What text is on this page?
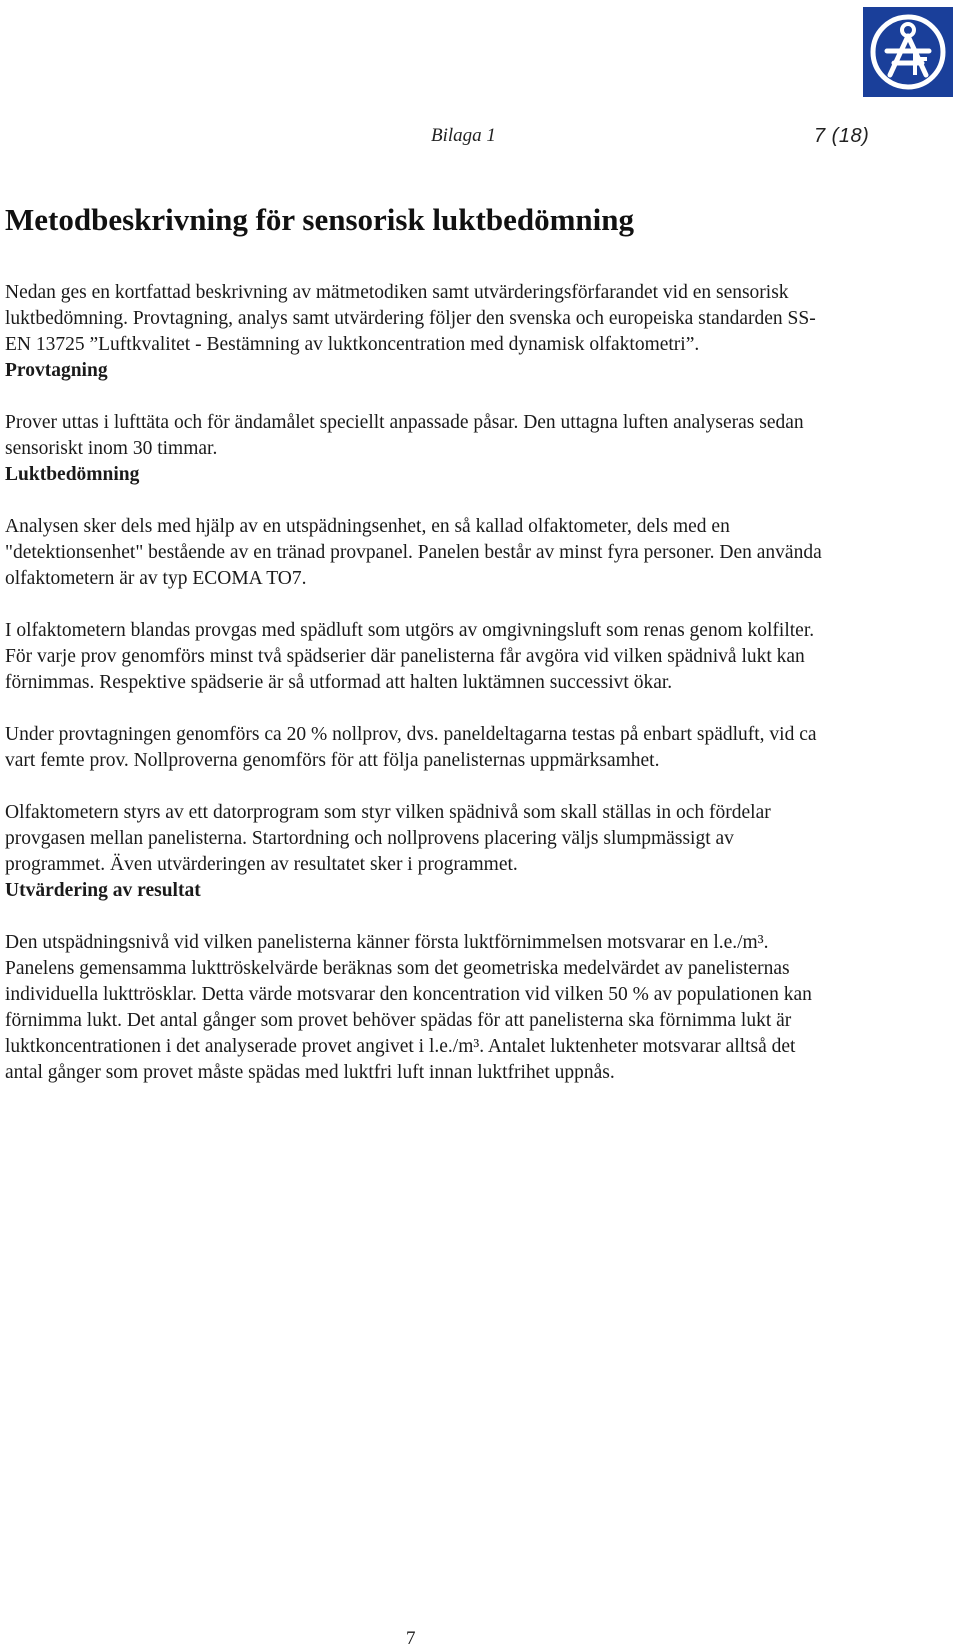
Bilaga 1	7 (18)
Metodbeskrivning för sensorisk luktbedömning

Nedan ges en kortfattad beskrivning av mätmetodiken samt utvärderingsförfarandet vid en sensorisk luktbedömning. Provtagning, analys samt utvärdering följer den svenska och europeiska standarden SS-EN 13725 ”Luftkvalitet - Bestämning av luktkoncentration med dynamisk olfaktometri”.

Provtagning

Prover uttas i lufttäta och för ändamålet speciellt anpassade påsar. Den uttagna luften analyseras sedan sensoriskt inom 30 timmar.

Luktbedömning

Analysen sker dels med hjälp av en utspädningsenhet, en så kallad olfaktometer, dels med en "detektionsenhet" bestående av en tränad provpanel. Panelen består av minst fyra personer. Den använda olfaktometern är av typ ECOMA TO7.

I olfaktometern blandas provgas med spädluft som utgörs av omgivningsluft som renas genom kolfilter. För varje prov genomförs minst två spädserier där panelisterna får avgöra vid vilken spädnivå lukt kan förnimmas. Respektive spädserie är så utformad att halten luktämnen successivt ökar.

Under provtagningen genomförs ca 20 % nollprov, dvs. paneldeltagarna testas på enbart spädluft, vid ca vart femte prov. Nollproverna genomförs för att följa panelisternas uppmärksamhet.

Olfaktometern styrs av ett datorprogram som styr vilken spädnivå som skall ställas in och fördelar provgasen mellan panelisterna. Startordning och nollprovens placering väljs slumpmässigt av programmet. Även utvärderingen av resultatet sker i programmet.

Utvärdering av resultat

Den utspädningsnivå vid vilken panelisterna känner första luktförnimmelsen motsvarar en l.e./m³. Panelens gemensamma lukttröskelvärde beräknas som det geometriska medelvärdet av panelisternas individuella lukttrösklar. Detta värde motsvarar den koncentration vid vilken 50 % av populationen kan förnimma lukt. Det antal gånger som provet behöver spädas för att panelisterna ska förnimma lukt är luktkoncentrationen i det analyserade provet angivet i l.e./m³. Antalet luktenheter motsvarar alltså det antal gånger som provet måste spädas med luktfri luft innan luktfrihet uppnås.

7
